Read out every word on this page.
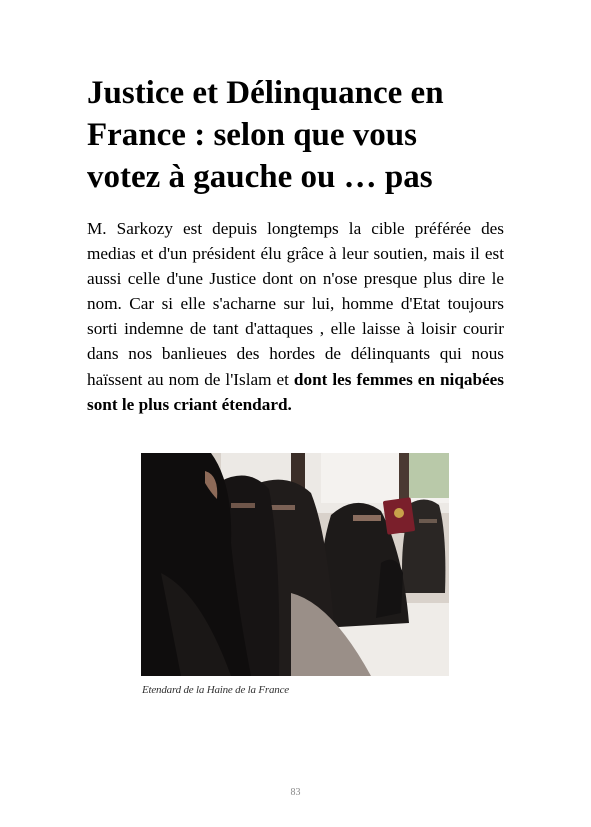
Justice et Délinquance en
France : selon que vous
votez à gauche ou … pas

M. Sarkozy est depuis longtemps la cible préférée des medias et d'un président élu grâce à leur soutien, mais il est aussi celle d'une Justice dont on n'ose presque plus dire le nom. Car si elle s'acharne sur lui, homme d'Etat toujours sorti indemne de tant d'attaques , elle laisse à loisir courir dans nos banlieues des hordes de délinquants qui nous haïssent au nom de l'Islam et dont les femmes en niqabées sont le plus criant étendard.

Etendard de la Haine de la France

83
